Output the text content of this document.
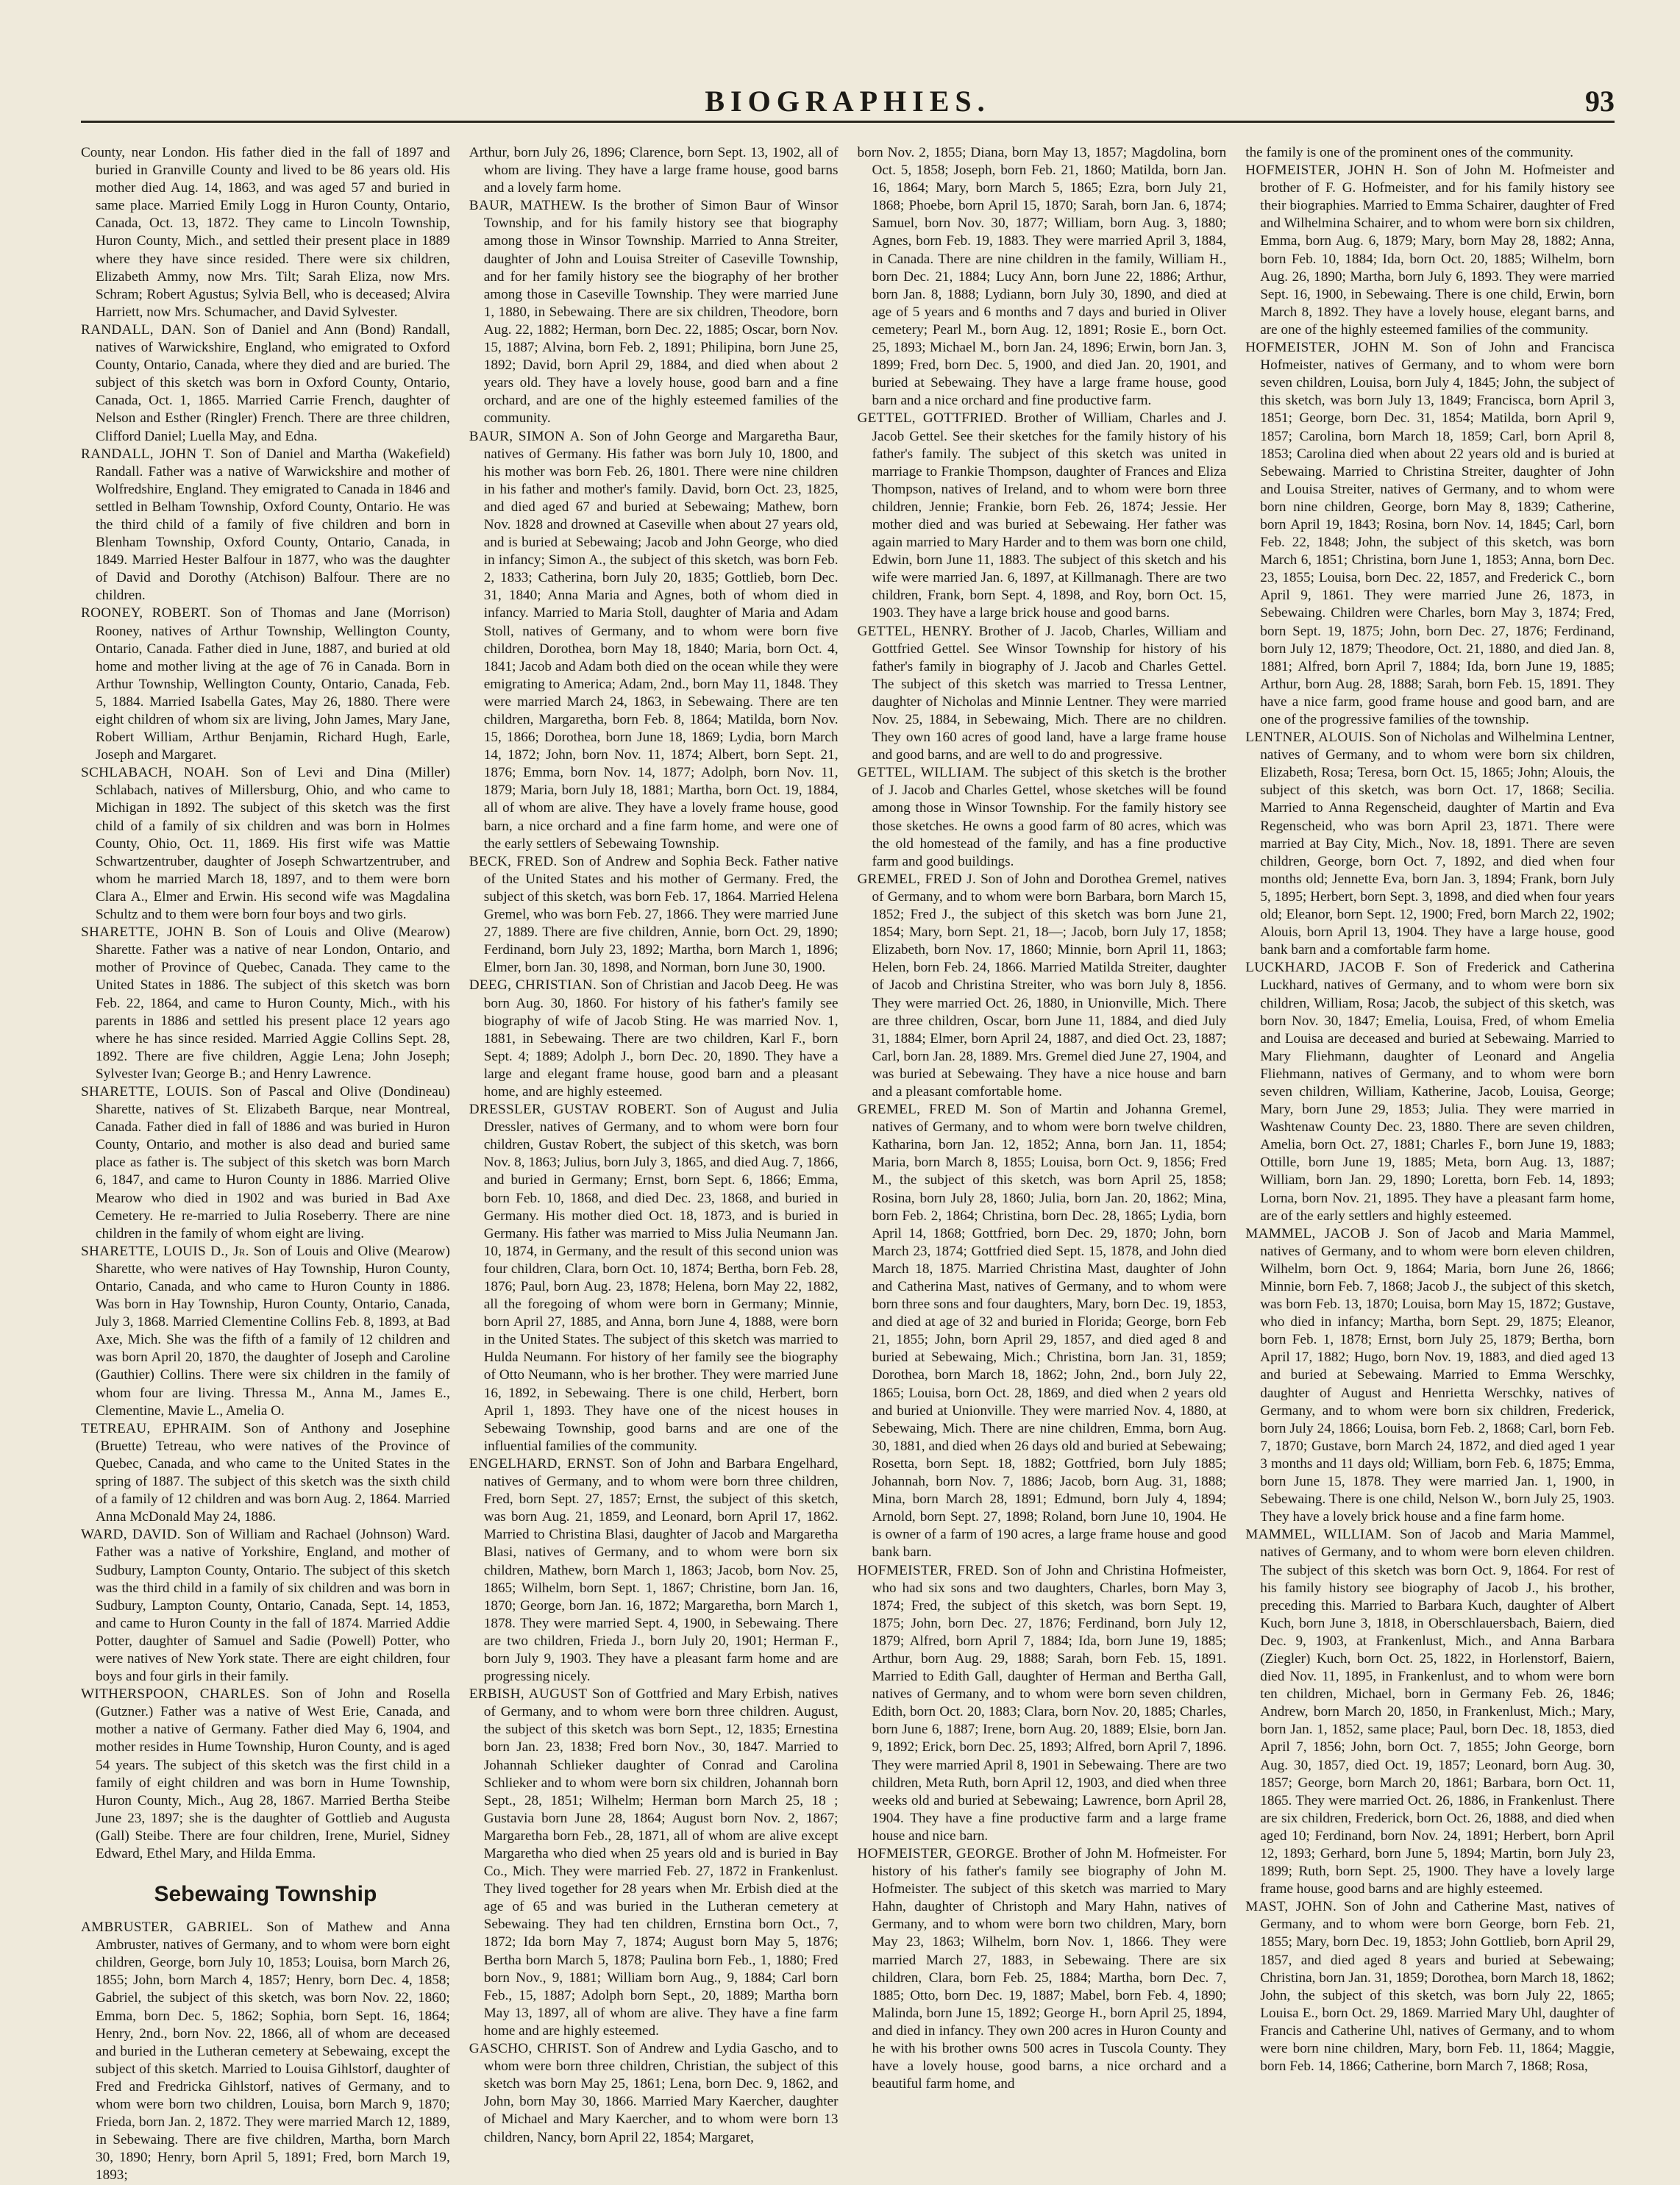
BIOGRAPHIES.	93

County, near London. His father died in the fall of 1897 and buried in Granville County and lived to be 86 years old. His mother died Aug. 14, 1863, and was aged 57 and buried in same place. Married Emily Logg in Huron County, Ontario, Canada, Oct. 13, 1872. They came to Lincoln Township, Huron County, Mich., and settled their present place in 1889 where they have since resided. There were six children, Elizabeth Ammy, now Mrs. Tilt; Sarah Eliza, now Mrs. Schram; Robert Agustus; Sylvia Bell, who is deceased; Alvira Harriett, now Mrs. Schumacher, and David Sylvester.

RANDALL, DAN. Son of Daniel and Ann (Bond) Randall, natives of Warwickshire, England, who emigrated to Oxford County, Ontario, Canada, where they died and are buried. The subject of this sketch was born in Oxford County, Ontario, Canada, Oct. 1, 1865. Married Carrie French, daughter of Nelson and Esther (Ringler) French. There are three children, Clifford Daniel; Luella May, and Edna.

RANDALL, JOHN T. Son of Daniel and Martha (Wakefield) Randall. Father was a native of Warwickshire and mother of Wolfredshire, England. They emigrated to Canada in 1846 and settled in Belham Township, Oxford County, Ontario. He was the third child of a family of five children and born in Blenham Township, Oxford County, Ontario, Canada, in 1849. Married Hester Balfour in 1877, who was the daughter of David and Dorothy (Atchison) Balfour. There are no children.

ROONEY, ROBERT. Son of Thomas and Jane (Morrison) Rooney, natives of Arthur Township, Wellington County, Ontario, Canada. Father died in June, 1887, and buried at old home and mother living at the age of 76 in Canada. Born in Arthur Township, Wellington County, Ontario, Canada, Feb. 5, 1884. Married Isabella Gates, May 26, 1880. There were eight children of whom six are living, John James, Mary Jane, Robert William, Arthur Benjamin, Richard Hugh, Earle, Joseph and Margaret.

SCHLABACH, NOAH. Son of Levi and Dina (Miller) Schlabach, natives of Millersburg, Ohio, and who came to Michigan in 1892. The subject of this sketch was the first child of a family of six children and was born in Holmes County, Ohio, Oct. 11, 1869. His first wife was Mattie Schwartzentruber, daughter of Joseph Schwartzentruber, and whom he married March 18, 1897, and to them were born Clara A., Elmer and Erwin. His second wife was Magdalina Schultz and to them were born four boys and two girls.

SHARETTE, JOHN B. Son of Louis and Olive (Mearow) Sharette. Father was a native of near London, Ontario, and mother of Province of Quebec, Canada. They came to the United States in 1886. The subject of this sketch was born Feb. 22, 1864, and came to Huron County, Mich., with his parents in 1886 and settled his present place 12 years ago where he has since resided. Married Aggie Collins Sept. 28, 1892. There are five children, Aggie Lena; John Joseph; Sylvester Ivan; George B.; and Henry Lawrence.

SHARETTE, LOUIS. Son of Pascal and Olive (Dondineau) Sharette, natives of St. Elizabeth Barque, near Montreal, Canada. Father died in fall of 1886 and was buried in Huron County, Ontario, and mother is also dead and buried same place as father is. The subject of this sketch was born March 6, 1847, and came to Huron County in 1886. Married Olive Mearow who died in 1902 and was buried in Bad Axe Cemetery. He re-married to Julia Roseberry. There are nine children in the family of whom eight are living.

SHARETTE, LOUIS D., Jr. Son of Louis and Olive (Mearow) Sharette, who were natives of Hay Township, Huron County, Ontario, Canada, and who came to Huron County in 1886. Was born in Hay Township, Huron County, Ontario, Canada, July 3, 1868. Married Clementine Collins Feb. 8, 1893, at Bad Axe, Mich. She was the fifth of a family of 12 children and was born April 20, 1870, the daughter of Joseph and Caroline (Gauthier) Collins. There were six children in the family of whom four are living. Thressa M., Anna M., James E., Clementine, Mavie L., Amelia O.

TETREAU, EPHRAIM. Son of Anthony and Josephine (Bruette) Tetreau, who were natives of the Province of Quebec, Canada, and who came to the United States in the spring of 1887. The subject of this sketch was the sixth child of a family of 12 children and was born Aug. 2, 1864. Married Anna McDonald May 24, 1886.

WARD, DAVID. Son of William and Rachael (Johnson) Ward. Father was a native of Yorkshire, England, and mother of Sudbury, Lampton County, Ontario. The subject of this sketch was the third child in a family of six children and was born in Sudbury, Lampton County, Ontario, Canada, Sept. 14, 1853, and came to Huron County in the fall of 1874. Married Addie Potter, daughter of Samuel and Sadie (Powell) Potter, who were natives of New York state. There are eight children, four boys and four girls in their family.

WITHERSPOON, CHARLES. Son of John and Rosella (Gutzner.) Father was a native of West Erie, Canada, and mother a native of Germany. Father died May 6, 1904, and mother resides in Hume Township, Huron County, and is aged 54 years. The subject of this sketch was the first child in a family of eight children and was born in Hume Township, Huron County, Mich., Aug 28, 1867. Married Bertha Steibe June 23, 1897; she is the daughter of Gottlieb and Augusta (Gall) Steibe. There are four children, Irene, Muriel, Sidney Edward, Ethel Mary, and Hilda Emma.

Sebewaing Township

AMBRUSTER, GABRIEL. Son of Mathew and Anna Ambruster, natives of Germany, and to whom were born eight children, George, born July 10, 1853; Louisa, born March 26, 1855; John, born March 4, 1857; Henry, born Dec. 4, 1858; Gabriel, the subject of this sketch, was born Nov. 22, 1860; Emma, born Dec. 5, 1862; Sophia, born Sept. 16, 1864; Henry, 2nd., born Nov. 22, 1866, all of whom are deceased and buried in the Lutheran cemetery at Sebewaing, except the subject of this sketch. Married to Louisa Gihlstorf, daughter of Fred and Fredricka Gihlstorf, natives of Germany, and to whom were born two children, Louisa, born March 9, 1870; Frieda, born Jan. 2, 1872. They were married March 12, 1889, in Sebewaing. There are five children, Martha, born March 30, 1890; Henry, born April 5, 1891; Fred, born March 19, 1893;

Arthur, born July 26, 1896; Clarence, born Sept. 13, 1902, all of whom are living. They have a large frame house, good barns and a lovely farm home.

BAUR, MATHEW. Is the brother of Simon Baur of Winsor Township, and for his family history see that biography among those in Winsor Township. Married to Anna Streiter, daughter of John and Louisa Streiter of Caseville Township, and for her family history see the biography of her brother among those in Caseville Township. They were married June 1, 1880, in Sebewaing. There are six children, Theodore, born Aug. 22, 1882; Herman, born Dec. 22, 1885; Oscar, born Nov. 15, 1887; Alvina, born Feb. 2, 1891; Philipina, born June 25, 1892; David, born April 29, 1884, and died when about 2 years old. They have a lovely house, good barn and a fine orchard, and are one of the highly esteemed families of the community.

BAUR, SIMON A. Son of John George and Margaretha Baur, natives of Germany. His father was born July 10, 1800, and his mother was born Feb. 26, 1801. There were nine children in his father and mother's family. David, born Oct. 23, 1825, and died aged 67 and buried at Sebewaing; Mathew, born Nov. 1828 and drowned at Caseville when about 27 years old, and is buried at Sebewaing; Jacob and John George, who died in infancy; Simon A., the subject of this sketch, was born Feb. 2, 1833; Catherina, born July 20, 1835; Gottlieb, born Dec. 31, 1840; Anna Maria and Agnes, both of whom died in infancy. Married to Maria Stoll, daughter of Maria and Adam Stoll, natives of Germany, and to whom were born five children, Dorothea, born May 18, 1840; Maria, born Oct. 4, 1841; Jacob and Adam both died on the ocean while they were emigrating to America; Adam, 2nd., born May 11, 1848. They were married March 24, 1863, in Sebewaing. There are ten children, Margaretha, born Feb. 8, 1864; Matilda, born Nov. 15, 1866; Dorothea, born June 18, 1869; Lydia, born March 14, 1872; John, born Nov. 11, 1874; Albert, born Sept. 21, 1876; Emma, born Nov. 14, 1877; Adolph, born Nov. 11, 1879; Maria, born July 18, 1881; Martha, born Oct. 19, 1884, all of whom are alive. They have a lovely frame house, good barn, a nice orchard and a fine farm home, and were one of the early settlers of Sebewaing Township.

BECK, FRED. Son of Andrew and Sophia Beck. Father native of the United States and his mother of Germany. Fred, the subject of this sketch, was born Feb. 17, 1864. Married Helena Gremel, who was born Feb. 27, 1866. They were married June 27, 1889. There are five children, Annie, born Oct. 29, 1890; Ferdinand, born July 23, 1892; Martha, born March 1, 1896; Elmer, born Jan. 30, 1898, and Norman, born June 30, 1900.

DEEG, CHRISTIAN. Son of Christian and Jacob Deeg. He was born Aug. 30, 1860. For history of his father's family see biography of wife of Jacob Sting. He was married Nov. 1, 1881, in Sebewaing. There are two children, Karl F., born Sept. 4; 1889; Adolph J., born Dec. 20, 1890. They have a large and elegant frame house, good barn and a pleasant home, and are highly esteemed.

DRESSLER, GUSTAV ROBERT. Son of August and Julia Dressler, natives of Germany, and to whom were born four children, Gustav Robert, the subject of this sketch, was born Nov. 8, 1863; Julius, born July 3, 1865, and died Aug. 7, 1866, and buried in Germany; Ernst, born Sept. 6, 1866; Emma, born Feb. 10, 1868, and died Dec. 23, 1868, and buried in Germany. His mother died Oct. 18, 1873, and is buried in Germany. His father was married to Miss Julia Neumann Jan. 10, 1874, in Germany, and the result of this second union was four children, Clara, born Oct. 10, 1874; Bertha, born Feb. 28, 1876; Paul, born Aug. 23, 1878; Helena, born May 22, 1882, all the foregoing of whom were born in Germany; Minnie, born April 27, 1885, and Anna, born June 4, 1888, were born in the United States. The subject of this sketch was married to Hulda Neumann. For history of her family see the biography of Otto Neumann, who is her brother. They were married June 16, 1892, in Sebewaing. There is one child, Herbert, born April 1, 1893. They have one of the nicest houses in Sebewaing Township, good barns and are one of the influential families of the community.

ENGELHARD, ERNST. Son of John and Barbara Engelhard, natives of Germany, and to whom were born three children, Fred, born Sept. 27, 1857; Ernst, the subject of this sketch, was born Aug. 21, 1859, and Leonard, born April 17, 1862. Married to Christina Blasi, daughter of Jacob and Margaretha Blasi, natives of Germany, and to whom were born six children, Mathew, born March 1, 1863; Jacob, born Nov. 25, 1865; Wilhelm, born Sept. 1, 1867; Christine, born Jan. 16, 1870; George, born Jan. 16, 1872; Margaretha, born March 1, 1878. They were married Sept. 4, 1900, in Sebewaing. There are two children, Frieda J., born July 20, 1901; Herman F., born July 9, 1903. They have a pleasant farm home and are progressing nicely.

ERBISH, AUGUST Son of Gottfried and Mary Erbish, natives of Germany, and to whom were born three children. August, the subject of this sketch was born Sept., 12, 1835; Ernestina born Jan. 23, 1838; Fred born Nov., 30, 1847. Married to Johannah Schlieker daughter of Conrad and Carolina Schlieker and to whom were born six children, Johannah born Sept., 28, 1851; Wilhelm; Herman born March 25, 18 ; Gustavia born June 28, 1864; August born Nov. 2, 1867; Margaretha born Feb., 28, 1871, all of whom are alive except Margaretha who died when 25 years old and is buried in Bay Co., Mich. They were married Feb. 27, 1872 in Frankenlust. They lived together for 28 years when Mr. Erbish died at the age of 65 and was buried in the Lutheran cemetery at Sebewaing. They had ten children, Ernstina born Oct., 7, 1872; Ida born May 7, 1874; August born May 5, 1876; Bertha born March 5, 1878; Paulina born Feb., 1, 1880; Fred born Nov., 9, 1881; William born Aug., 9, 1884; Carl born Feb., 15, 1887; Adolph born Sept., 20, 1889; Martha born May 13, 1897, all of whom are alive. They have a fine farm home and are highly esteemed.

GASCHO, CHRIST. Son of Andrew and Lydia Gascho, and to whom were born three children, Christian, the subject of this sketch was born May 25, 1861; Lena, born Dec. 9, 1862, and John, born May 30, 1866. Married Mary Kaercher, daughter of Michael and Mary Kaercher, and to whom were born 13 children, Nancy, born April 22, 1854; Margaret,

born Nov. 2, 1855; Diana, born May 13, 1857; Magdolina, born Oct. 5, 1858; Joseph, born Feb. 21, 1860; Matilda, born Jan. 16, 1864; Mary, born March 5, 1865; Ezra, born July 21, 1868; Phoebe, born April 15, 1870; Sarah, born Jan. 6, 1874; Samuel, born Nov. 30, 1877; William, born Aug. 3, 1880; Agnes, born Feb. 19, 1883. They were married April 3, 1884, in Canada. There are nine children in the family, William H., born Dec. 21, 1884; Lucy Ann, born June 22, 1886; Arthur, born Jan. 8, 1888; Lydiann, born July 30, 1890, and died at age of 5 years and 6 months and 7 days and buried in Oliver cemetery; Pearl M., born Aug. 12, 1891; Rosie E., born Oct. 25, 1893; Michael M., born Jan. 24, 1896; Erwin, born Jan. 3, 1899; Fred, born Dec. 5, 1900, and died Jan. 20, 1901, and buried at Sebewaing. They have a large frame house, good barn and a nice orchard and fine productive farm.

GETTEL, GOTTFRIED. Brother of William, Charles and J. Jacob Gettel. See their sketches for the family history of his father's family. The subject of this sketch was united in marriage to Frankie Thompson, daughter of Frances and Eliza Thompson, natives of Ireland, and to whom were born three children, Jennie; Frankie, born Feb. 26, 1874; Jessie. Her mother died and was buried at Sebewaing. Her father was again married to Mary Harder and to them was born one child, Edwin, born June 11, 1883. The subject of this sketch and his wife were married Jan. 6, 1897, at Killmanagh. There are two children, Frank, born Sept. 4, 1898, and Roy, born Oct. 15, 1903. They have a large brick house and good barns.

GETTEL, HENRY. Brother of J. Jacob, Charles, William and Gottfried Gettel. See Winsor Township for history of his father's family in biography of J. Jacob and Charles Gettel. The subject of this sketch was married to Tressa Lentner, daughter of Nicholas and Minnie Lentner. They were married Nov. 25, 1884, in Sebewaing, Mich. There are no children. They own 160 acres of good land, have a large frame house and good barns, and are well to do and progressive.

GETTEL, WILLIAM. The subject of this sketch is the brother of J. Jacob and Charles Gettel, whose sketches will be found among those in Winsor Township. For the family history see those sketches. He owns a good farm of 80 acres, which was the old homestead of the family, and has a fine productive farm and good buildings.

GREMEL, FRED J. Son of John and Dorothea Gremel, natives of Germany, and to whom were born Barbara, born March 15, 1852; Fred J., the subject of this sketch was born June 21, 1854; Mary, born Sept. 21, 18—; Jacob, born July 17, 1858; Elizabeth, born Nov. 17, 1860; Minnie, born April 11, 1863; Helen, born Feb. 24, 1866. Married Matilda Streiter, daughter of Jacob and Christina Streiter, who was born July 8, 1856. They were married Oct. 26, 1880, in Unionville, Mich. There are three children, Oscar, born June 11, 1884, and died July 31, 1884; Elmer, born April 24, 1887, and died Oct. 23, 1887; Carl, born Jan. 28, 1889. Mrs. Gremel died June 27, 1904, and was buried at Sebewaing. They have a nice house and barn and a pleasant comfortable home.

GREMEL, FRED M. Son of Martin and Johanna Gremel, natives of Germany, and to whom were born twelve children, Katharina, born Jan. 12, 1852; Anna, born Jan. 11, 1854; Maria, born March 8, 1855; Louisa, born Oct. 9, 1856; Fred M., the subject of this sketch, was born April 25, 1858; Rosina, born July 28, 1860; Julia, born Jan. 20, 1862; Mina, born Feb. 2, 1864; Christina, born Dec. 28, 1865; Lydia, born April 14, 1868; Gottfried, born Dec. 29, 1870; John, born March 23, 1874; Gottfried died Sept. 15, 1878, and John died March 18, 1875. Married Christina Mast, daughter of John and Catherina Mast, natives of Germany, and to whom were born three sons and four daughters, Mary, born Dec. 19, 1853, and died at age of 32 and buried in Florida; George, born Feb 21, 1855; John, born April 29, 1857, and died aged 8 and buried at Sebewaing, Mich.; Christina, born Jan. 31, 1859; Dorothea, born March 18, 1862; John, 2nd., born July 22, 1865; Louisa, born Oct. 28, 1869, and died when 2 years old and buried at Unionville. They were married Nov. 4, 1880, at Sebewaing, Mich. There are nine children, Emma, born Aug. 30, 1881, and died when 26 days old and buried at Sebewaing; Rosetta, born Sept. 18, 1882; Gottfried, born July 1885; Johannah, born Nov. 7, 1886; Jacob, born Aug. 31, 1888; Mina, born March 28, 1891; Edmund, born July 4, 1894; Arnold, born Sept. 27, 1898; Roland, born June 10, 1904. He is owner of a farm of 190 acres, a large frame house and good bank barn.

HOFMEISTER, FRED. Son of John and Christina Hofmeister, who had six sons and two daughters, Charles, born May 3, 1874; Fred, the subject of this sketch, was born Sept. 19, 1875; John, born Dec. 27, 1876; Ferdinand, born July 12, 1879; Alfred, born April 7, 1884; Ida, born June 19, 1885; Arthur, born Aug. 29, 1888; Sarah, born Feb. 15, 1891. Married to Edith Gall, daughter of Herman and Bertha Gall, natives of Germany, and to whom were born seven children, Edith, born Oct. 20, 1883; Clara, born Nov. 20, 1885; Charles, born June 6, 1887; Irene, born Aug. 20, 1889; Elsie, born Jan. 9, 1892; Erick, born Dec. 25, 1893; Alfred, born April 7, 1896. They were married April 8, 1901 in Sebewaing. There are two children, Meta Ruth, born April 12, 1903, and died when three weeks old and buried at Sebewaing; Lawrence, born April 28, 1904. They have a fine productive farm and a large frame house and nice barn.

HOFMEISTER, GEORGE. Brother of John M. Hofmeister. For history of his father's family see biography of John M. Hofmeister. The subject of this sketch was married to Mary Hahn, daughter of Christoph and Mary Hahn, natives of Germany, and to whom were born two children, Mary, born May 23, 1863; Wilhelm, born Nov. 1, 1866. They were married March 27, 1883, in Sebewaing. There are six children, Clara, born Feb. 25, 1884; Martha, born Dec. 7, 1885; Otto, born Dec. 19, 1887; Mabel, born Feb. 4, 1890; Malinda, born June 15, 1892; George H., born April 25, 1894, and died in infancy. They own 200 acres in Huron County and he with his brother owns 500 acres in Tuscola County. They have a lovely house, good barns, a nice orchard and a beautiful farm home, and

the family is one of the prominent ones of the community.

HOFMEISTER, JOHN H. Son of John M. Hofmeister and brother of F. G. Hofmeister, and for his family history see their biographies. Married to Emma Schairer, daughter of Fred and Wilhelmina Schairer, and to whom were born six children, Emma, born Aug. 6, 1879; Mary, born May 28, 1882; Anna, born Feb. 10, 1884; Ida, born Oct. 20, 1885; Wilhelm, born Aug. 26, 1890; Martha, born July 6, 1893. They were married Sept. 16, 1900, in Sebewaing. There is one child, Erwin, born March 8, 1892. They have a lovely house, elegant barns, and are one of the highly esteemed families of the community.

HOFMEISTER, JOHN M. Son of John and Francisca Hofmeister, natives of Germany, and to whom were born seven children, Louisa, born July 4, 1845; John, the subject of this sketch, was born July 13, 1849; Francisca, born April 3, 1851; George, born Dec. 31, 1854; Matilda, born April 9, 1857; Carolina, born March 18, 1859; Carl, born April 8, 1853; Carolina died when about 22 years old and is buried at Sebewaing. Married to Christina Streiter, daughter of John and Louisa Streiter, natives of Germany, and to whom were born nine children, George, born May 8, 1839; Catherine, born April 19, 1843; Rosina, born Nov. 14, 1845; Carl, born Feb. 22, 1848; John, the subject of this sketch, was born March 6, 1851; Christina, born June 1, 1853; Anna, born Dec. 23, 1855; Louisa, born Dec. 22, 1857, and Frederick C., born April 9, 1861. They were married June 26, 1873, in Sebewaing. Children were Charles, born May 3, 1874; Fred, born Sept. 19, 1875; John, born Dec. 27, 1876; Ferdinand, born July 12, 1879; Theodore, Oct. 21, 1880, and died Jan. 8, 1881; Alfred, born April 7, 1884; Ida, born June 19, 1885; Arthur, born Aug. 28, 1888; Sarah, born Feb. 15, 1891. They have a nice farm, good frame house and good barn, and are one of the progressive families of the township.

LENTNER, ALOUIS. Son of Nicholas and Wilhelmina Lentner, natives of Germany, and to whom were born six children, Elizabeth, Rosa; Teresa, born Oct. 15, 1865; John; Alouis, the subject of this sketch, was born Oct. 17, 1868; Secilia. Married to Anna Regenscheid, daughter of Martin and Eva Regenscheid, who was born April 23, 1871. There were married at Bay City, Mich., Nov. 18, 1891. There are seven children, George, born Oct. 7, 1892, and died when four months old; Jennette Eva, born Jan. 3, 1894; Frank, born July 5, 1895; Herbert, born Sept. 3, 1898, and died when four years old; Eleanor, born Sept. 12, 1900; Fred, born March 22, 1902; Alouis, born April 13, 1904. They have a large house, good bank barn and a comfortable farm home.

LUCKHARD, JACOB F. Son of Frederick and Catherina Luckhard, natives of Germany, and to whom were born six children, William, Rosa; Jacob, the subject of this sketch, was born Nov. 30, 1847; Emelia, Louisa, Fred, of whom Emelia and Louisa are deceased and buried at Sebewaing. Married to Mary Fliehmann, daughter of Leonard and Angelia Fliehmann, natives of Germany, and to whom were born seven children, William, Katherine, Jacob, Louisa, George; Mary, born June 29, 1853; Julia. They were married in Washtenaw County Dec. 23, 1880. There are seven children, Amelia, born Oct. 27, 1881; Charles F., born June 19, 1883; Ottille, born June 19, 1885; Meta, born Aug. 13, 1887; William, born Jan. 29, 1890; Loretta, born Feb. 14, 1893; Lorna, born Nov. 21, 1895. They have a pleasant farm home, are of the early settlers and highly esteemed.

MAMMEL, JACOB J. Son of Jacob and Maria Mammel, natives of Germany, and to whom were born eleven children, Wilhelm, born Oct. 9, 1864; Maria, born June 26, 1866; Minnie, born Feb. 7, 1868; Jacob J., the subject of this sketch, was born Feb. 13, 1870; Louisa, born May 15, 1872; Gustave, who died in infancy; Martha, born Sept. 29, 1875; Eleanor, born Feb. 1, 1878; Ernst, born July 25, 1879; Bertha, born April 17, 1882; Hugo, born Nov. 19, 1883, and died aged 13 and buried at Sebewaing. Married to Emma Werschky, daughter of August and Henrietta Werschky, natives of Germany, and to whom were born six children, Frederick, born July 24, 1866; Louisa, born Feb. 2, 1868; Carl, born Feb. 7, 1870; Gustave, born March 24, 1872, and died aged 1 year 3 months and 11 days old; William, born Feb. 6, 1875; Emma, born June 15, 1878. They were married Jan. 1, 1900, in Sebewaing. There is one child, Nelson W., born July 25, 1903. They have a lovely brick house and a fine farm home.

MAMMEL, WILLIAM. Son of Jacob and Maria Mammel, natives of Germany, and to whom were born eleven children. The subject of this sketch was born Oct. 9, 1864. For rest of his family history see biography of Jacob J., his brother, preceding this. Married to Barbara Kuch, daughter of Albert Kuch, born June 3, 1818, in Oberschlauersbach, Baiern, died Dec. 9, 1903, at Frankenlust, Mich., and Anna Barbara (Ziegler) Kuch, born Oct. 25, 1822, in Horlenstorf, Baiern, died Nov. 11, 1895, in Frankenlust, and to whom were born ten children, Michael, born in Germany Feb. 26, 1846; Andrew, born March 20, 1850, in Frankenlust, Mich.; Mary, born Jan. 1, 1852, same place; Paul, born Dec. 18, 1853, died April 7, 1856; John, born Oct. 7, 1855; John George, born Aug. 30, 1857, died Oct. 19, 1857; Leonard, born Aug. 30, 1857; George, born March 20, 1861; Barbara, born Oct. 11, 1865. They were married Oct. 26, 1886, in Frankenlust. There are six children, Frederick, born Oct. 26, 1888, and died when aged 10; Ferdinand, born Nov. 24, 1891; Herbert, born April 12, 1893; Gerhard, born June 5, 1894; Martin, born July 23, 1899; Ruth, born Sept. 25, 1900. They have a lovely large frame house, good barns and are highly esteemed.

MAST, JOHN. Son of John and Catherine Mast, natives of Germany, and to whom were born George, born Feb. 21, 1855; Mary, born Dec. 19, 1853; John Gottlieb, born April 29, 1857, and died aged 8 years and buried at Sebewaing; Christina, born Jan. 31, 1859; Dorothea, born March 18, 1862; John, the subject of this sketch, was born July 22, 1865; Louisa E., born Oct. 29, 1869. Married Mary Uhl, daughter of Francis and Catherine Uhl, natives of Germany, and to whom were born nine children, Mary, born Feb. 11, 1864; Maggie, born Feb. 14, 1866; Catherine, born March 7, 1868; Rosa,
